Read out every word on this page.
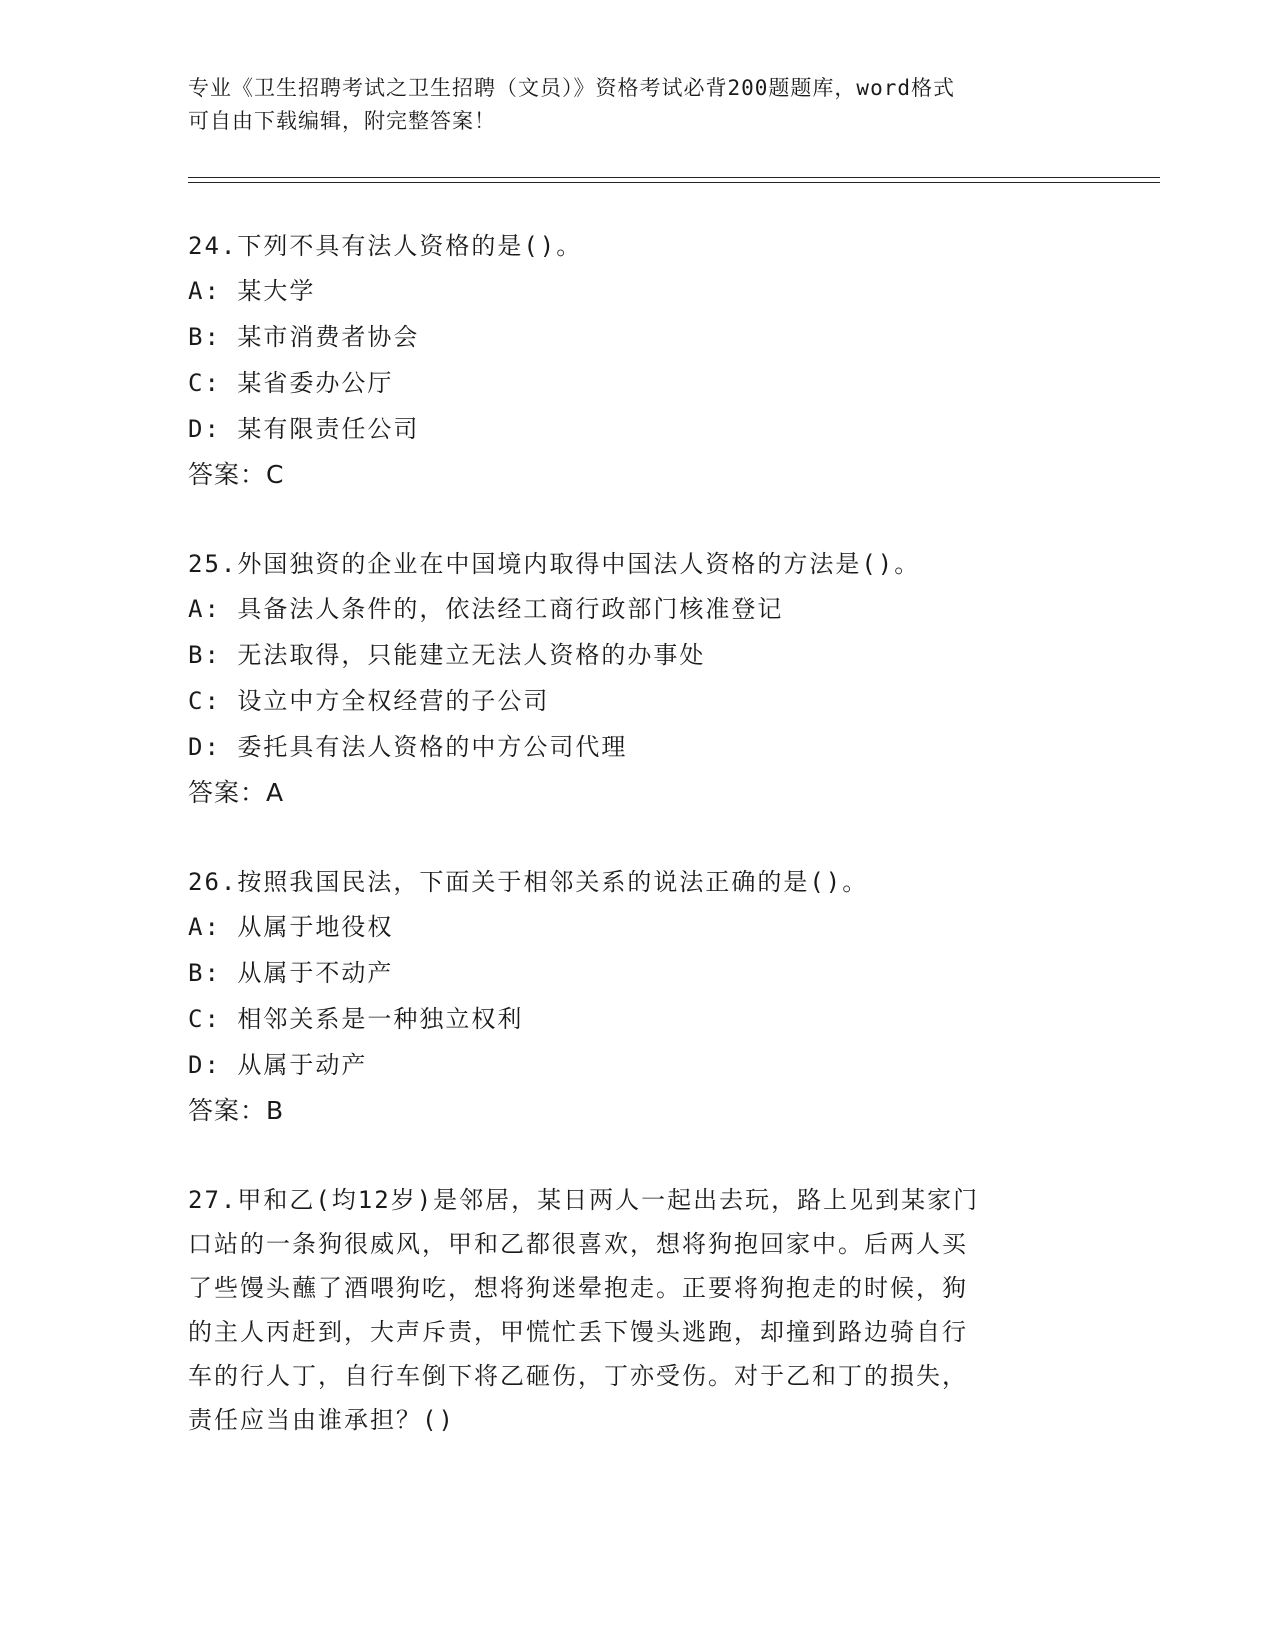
专业《卫生招聘考试之卫生招聘（文员）》资格考试必背200题题库，word格式
可自由下载编辑，附完整答案！
24.下列不具有法人资格的是()。
A: 某大学
B: 某市消费者协会
C: 某省委办公厅
D: 某有限责任公司
答案：C
25.外国独资的企业在中国境内取得中国法人资格的方法是()。
A: 具备法人条件的，依法经工商行政部门核准登记
B: 无法取得，只能建立无法人资格的办事处
C: 设立中方全权经营的子公司
D: 委托具有法人资格的中方公司代理
答案：A
26.按照我国民法，下面关于相邻关系的说法正确的是()。
A: 从属于地役权
B: 从属于不动产
C: 相邻关系是一种独立权利
D: 从属于动产
答案：B
27.甲和乙(均12岁)是邻居，某日两人一起出去玩，路上见到某家门
口站的一条狗很威风，甲和乙都很喜欢，想将狗抱回家中。后两人买
了些馒头蘸了酒喂狗吃，想将狗迷晕抱走。正要将狗抱走的时候，狗
的主人丙赶到，大声斥责，甲慌忙丢下馒头逃跑，却撞到路边骑自行
车的行人丁，自行车倒下将乙砸伤，丁亦受伤。对于乙和丁的损失，
责任应当由谁承担？()
